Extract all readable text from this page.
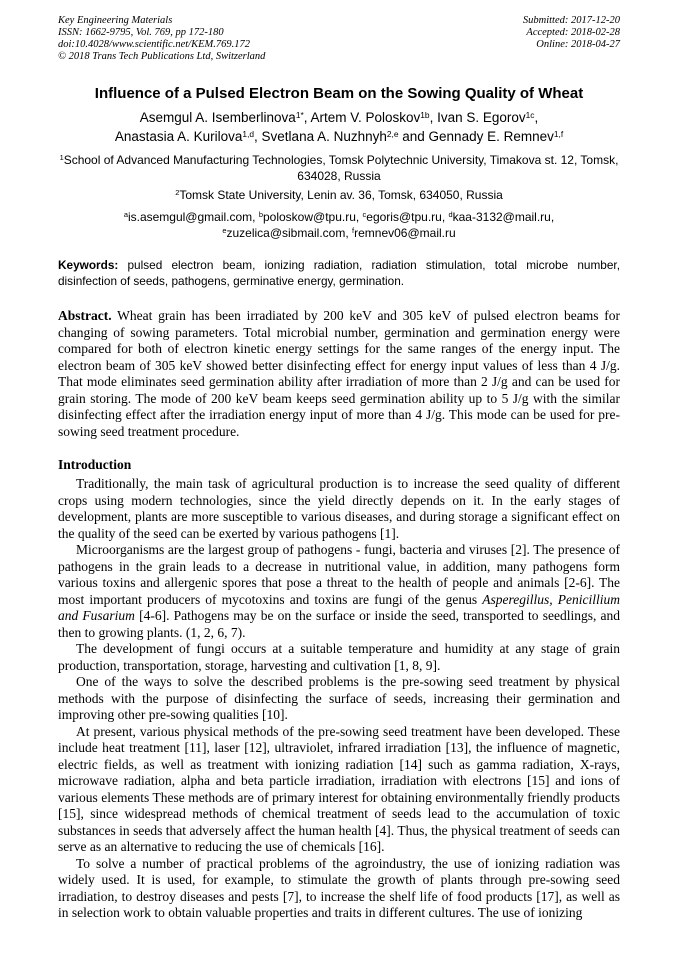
Key Engineering Materials
ISSN: 1662-9795, Vol. 769, pp 172-180
doi:10.4028/www.scientific.net/KEM.769.172
© 2018 Trans Tech Publications Ltd, Switzerland
Submitted: 2017-12-20
Accepted: 2018-02-28
Online: 2018-04-27
Influence of a Pulsed Electron Beam on the Sowing Quality of Wheat
Asemgul A. Isemberlinova$^{1*}$, Artem V. Poloskov$^{1b}$, Ivan S. Egorov$^{1c}$,
Anastasia A. Kurilova$^{1,d}$, Svetlana A. Nuzhnyh$^{2,e}$ and Gennady E. Remnev$^{1,f}$
$^1$School of Advanced Manufacturing Technologies, Tomsk Polytechnic University, Timakova st. 12, Tomsk, 634028, Russia
$^2$Tomsk State University, Lenin av. 36, Tomsk, 634050, Russia
$^a$is.asemgul@gmail.com, $^b$poloskow@tpu.ru, $^c$egoris@tpu.ru, $^d$kaa-3132@mail.ru,
$^e$zuzelica@sibmail.com, $^f$remnev06@mail.ru
Keywords: pulsed electron beam, ionizing radiation, radiation stimulation, total microbe number, disinfection of seeds, pathogens, germinative energy, germination.
Abstract. Wheat grain has been irradiated by 200 keV and 305 keV of pulsed electron beams for changing of sowing parameters. Total microbial number, germination and germination energy were compared for both of electron kinetic energy settings for the same ranges of the energy input. The electron beam of 305 keV showed better disinfecting effect for energy input values of less than 4 J/g. That mode eliminates seed germination ability after irradiation of more than 2 J/g and can be used for grain storing. The mode of 200 keV beam keeps seed germination ability up to 5 J/g with the similar disinfecting effect after the irradiation energy input of more than 4 J/g. This mode can be used for pre-sowing seed treatment procedure.
Introduction

Traditionally, the main task of agricultural production is to increase the seed quality of different crops using modern technologies, since the yield directly depends on it. In the early stages of development, plants are more susceptible to various diseases, and during storage a significant effect on the quality of the seed can be exerted by various pathogens [1].

Microorganisms are the largest group of pathogens - fungi, bacteria and viruses [2]. The presence of pathogens in the grain leads to a decrease in nutritional value, in addition, many pathogens form various toxins and allergenic spores that pose a threat to the health of people and animals [2-6]. The most important producers of mycotoxins and toxins are fungi of the genus Asperegillus, Penicillium and Fusarium [4-6]. Pathogens may be on the surface or inside the seed, transported to seedlings, and then to growing plants. (1, 2, 6, 7).

The development of fungi occurs at a suitable temperature and humidity at any stage of grain production, transportation, storage, harvesting and cultivation [1, 8, 9].

One of the ways to solve the described problems is the pre-sowing seed treatment by physical methods with the purpose of disinfecting the surface of seeds, increasing their germination and improving other pre-sowing qualities [10].

At present, various physical methods of the pre-sowing seed treatment have been developed. These include heat treatment [11], laser [12], ultraviolet, infrared irradiation [13], the influence of magnetic, electric fields, as well as treatment with ionizing radiation [14] such as gamma radiation, X-rays, microwave radiation, alpha and beta particle irradiation, irradiation with electrons [15] and ions of various elements These methods are of primary interest for obtaining environmentally friendly products [15], since widespread methods of chemical treatment of seeds lead to the accumulation of toxic substances in seeds that adversely affect the human health [4]. Thus, the physical treatment of seeds can serve as an alternative to reducing the use of chemicals [16].

To solve a number of practical problems of the agroindustry, the use of ionizing radiation was widely used. It is used, for example, to stimulate the growth of plants through pre-sowing seed irradiation, to destroy diseases and pests [7], to increase the shelf life of food products [17], as well as in selection work to obtain valuable properties and traits in different cultures. The use of ionizing
